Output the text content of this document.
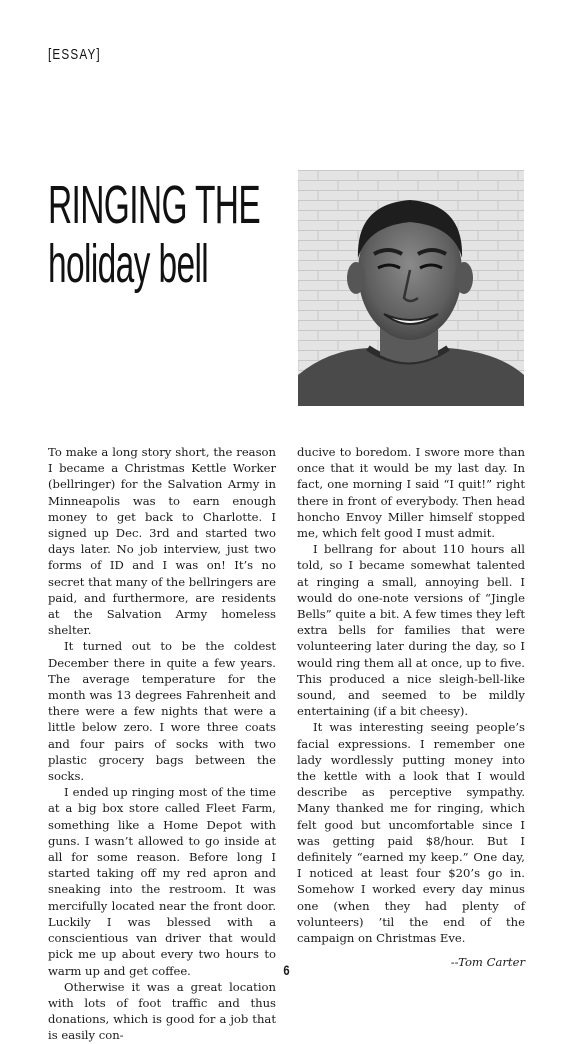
[ESSAY]
RINGING THE
holiday bell

To make a long story short, the reason I became a Christmas Kettle Worker (bellringer) for the Salvation Army in Minneapolis was to earn enough money to get back to Charlotte. I signed up Dec. 3rd and started two days later. No job interview, just two forms of ID and I was on! It’s no secret that many of the bellringers are paid, and furthermore, are residents at the Salvation Army homeless shelter.

It turned out to be the coldest December there in quite a few years. The average temperature for the month was 13 degrees Fahrenheit and there were a few nights that were a little below zero. I wore three coats and four pairs of socks with two plastic grocery bags between the socks.

I ended up ringing most of the time at a big box store called Fleet Farm, something like a Home Depot with guns. I wasn’t allowed to go inside at all for some reason. Before long I started taking off my red apron and sneaking into the restroom. It was mercifully located near the front door. Luckily I was blessed with a conscientious van driver that would pick me up about every two hours to warm up and get coffee.

Otherwise it was a great location with lots of foot traffic and thus donations, which is good for a job that is easily con-

ducive to boredom. I swore more than once that it would be my last day. In fact, one morning I said “I quit!” right there in front of everybody. Then head honcho Envoy Miller himself stopped me, which felt good I must admit.

I bellrang for about 110 hours all told, so I became somewhat talented at ringing a small, annoying bell. I would do one-note versions of “Jingle Bells” quite a bit. A few times they left extra bells for families that were volunteering later during the day, so I would ring them all at once, up to five. This produced a nice sleigh-bell-like sound, and seemed to be mildly entertaining (if a bit cheesy).

It was interesting seeing people’s facial expressions. I remember one lady wordlessly putting money into the kettle with a look that I would describe as perceptive sympathy. Many thanked me for ringing, which felt good but uncomfortable since I was getting paid $8/hour. But I definitely “earned my keep.” One day, I noticed at least four $20’s go in. Somehow I worked every day minus one (when they had plenty of volunteers) ’til the end of the campaign on Christmas Eve.

--Tom Carter

6
